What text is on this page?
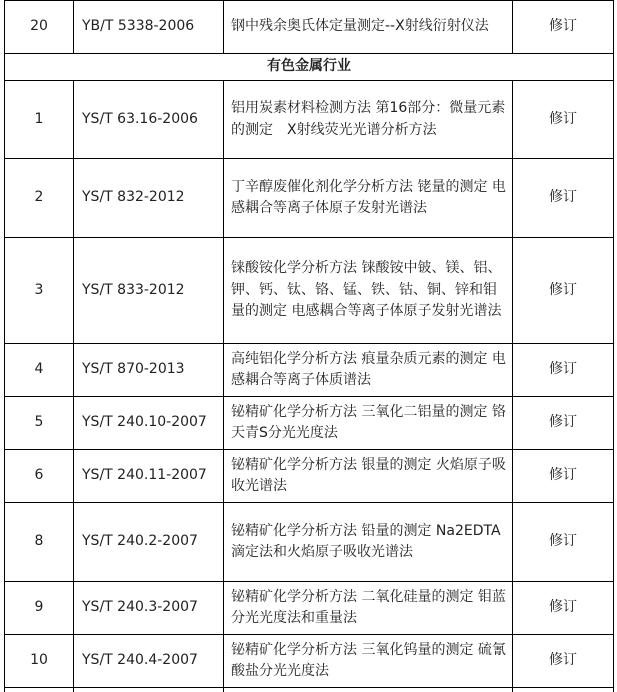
20	YB/T 5338-2006	钢中残余奥氏体定量测定--X射线衍射仪法	修订
有色金属行业			
1	YS/T 63.16-2006	铝用炭素材料检测方法 第16部分：微量元素的测定　X射线荧光光谱分析方法	修订
2	YS/T 832-2012	丁辛醇废催化剂化学分析方法 铑量的测定 电感耦合等离子体原子发射光谱法	修订
3	YS/T 833-2012	铼酸铵化学分析方法 铼酸铵中铍、镁、铝、钾、钙、钛、铬、锰、铁、钴、铜、锌和钼量的测定 电感耦合等离子体原子发射光谱法	修订
4	YS/T 870-2013	高纯铝化学分析方法 痕量杂质元素的测定 电感耦合等离子体质谱法	修订
5	YS/T 240.10-2007	铋精矿化学分析方法 三氧化二铝量的测定 铬天青S分光光度法	修订
6	YS/T 240.11-2007	铋精矿化学分析方法 银量的测定 火焰原子吸收光谱法	修订
8	YS/T 240.2-2007	铋精矿化学分析方法 铅量的测定 Na2EDTA滴定法和火焰原子吸收光谱法	修订
9	YS/T 240.3-2007	铋精矿化学分析方法 二氧化硅量的测定 钼蓝分光光度法和重量法	修订
10	YS/T 240.4-2007	铋精矿化学分析方法 三氧化钨量的测定 硫氰酸盐分光光度法	修订
